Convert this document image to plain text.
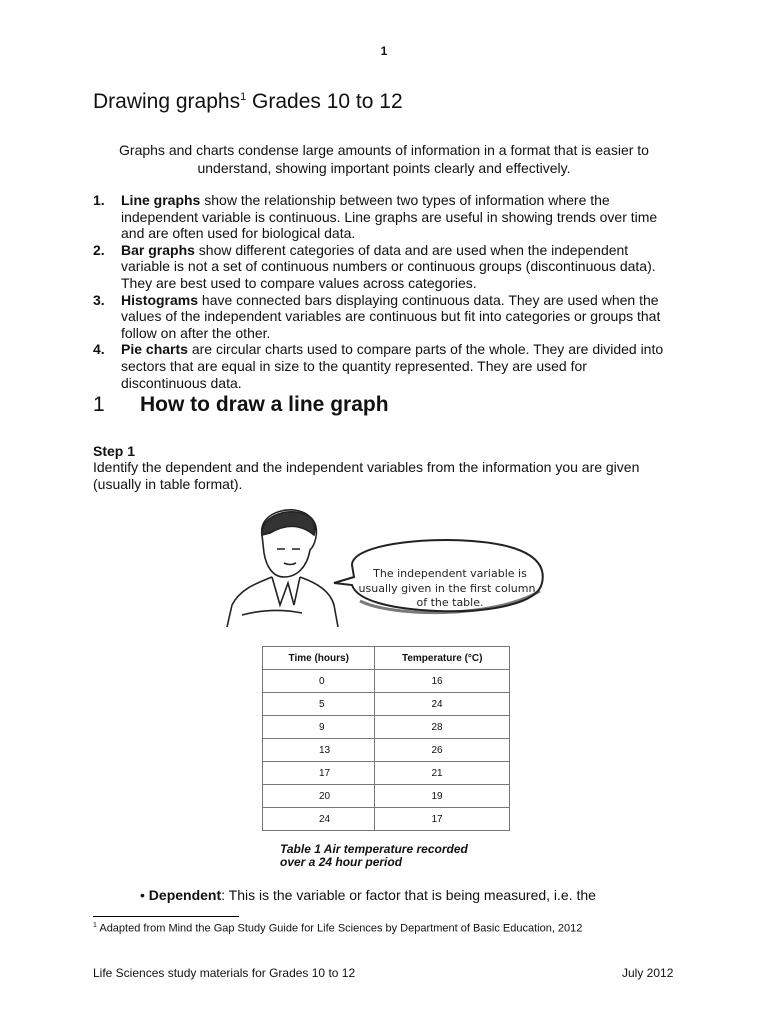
1
Drawing graphs$^1$ Grades 10 to 12
Graphs and charts condense large amounts of information in a format that is easier to understand, showing important points clearly and effectively.
1. Line graphs show the relationship between two types of information where the independent variable is continuous. Line graphs are useful in showing trends over time and are often used for biological data.
2. Bar graphs show different categories of data and are used when the independent variable is not a set of continuous numbers or continuous groups (discontinuous data). They are best used to compare values across categories.
3. Histograms have connected bars displaying continuous data. They are used when the values of the independent variables are continuous but fit into categories or groups that follow on after the other.
4. Pie charts are circular charts used to compare parts of the whole. They are divided into sectors that are equal in size to the quantity represented. They are used for discontinuous data.
1 How to draw a line graph
Step 1
Identify the dependent and the independent variables from the information you are given (usually in table format).
The independent variable is
usually given in the first column
of the table.
Time (hours)	Temperature (°C)
0	16
5	24
9	28
13	26
17	21
20	19
24	17
Table 1 Air temperature recorded
over a 24 hour period
• Dependent: This is the variable or factor that is being measured, i.e. the
$^1$ Adapted from Mind the Gap Study Guide for Life Sciences by Department of Basic Education, 2012
Life Sciences study materials for Grades 10 to 12	July 2012
